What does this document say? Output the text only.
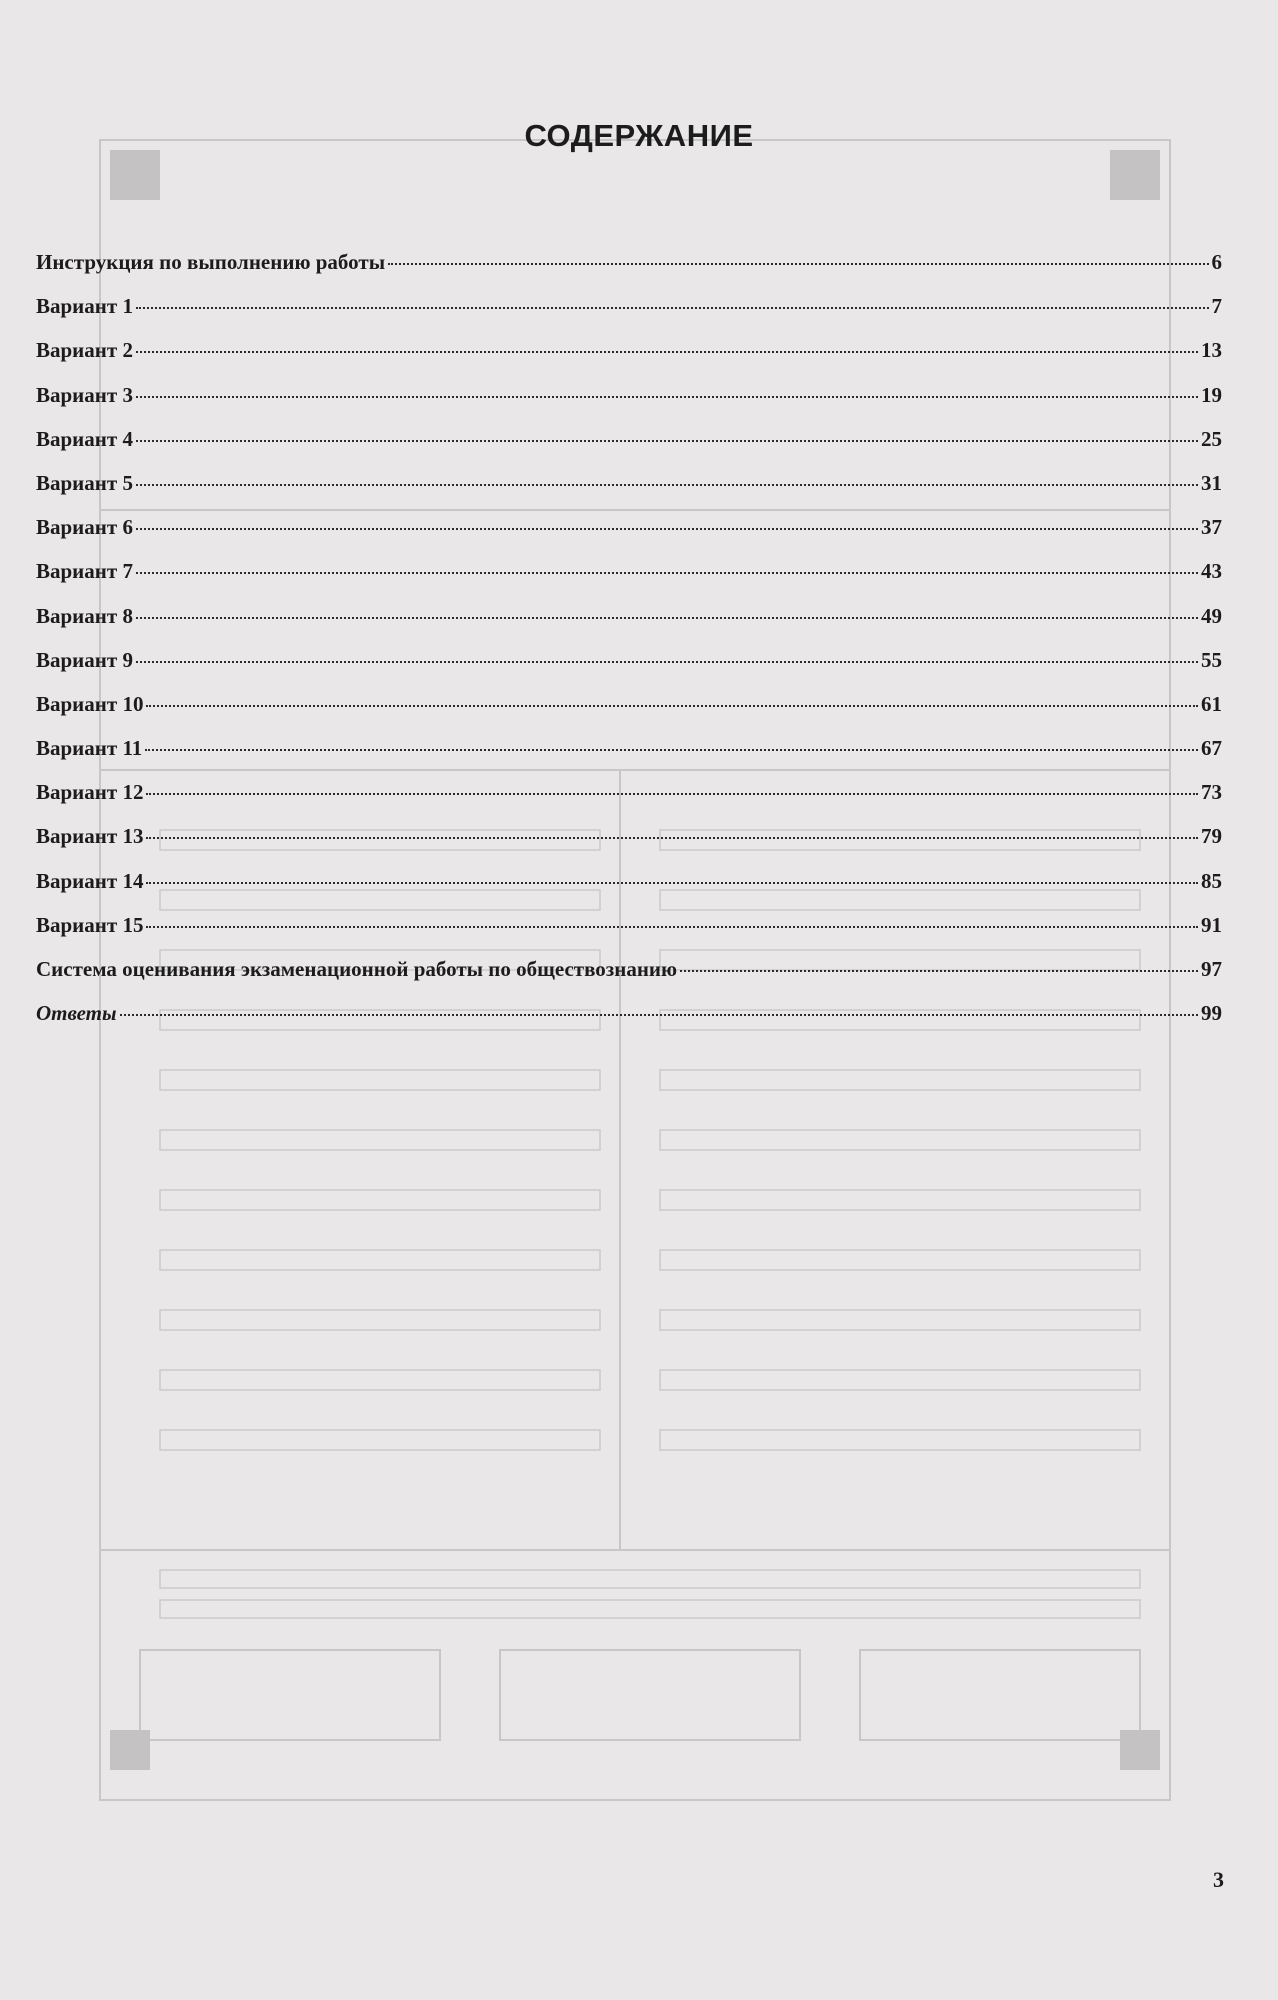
СОДЕРЖАНИЕ
Инструкция по выполнению работы	6
Вариант 1	7
Вариант 2	13
Вариант 3	19
Вариант 4	25
Вариант 5	31
Вариант 6	37
Вариант 7	43
Вариант 8	49
Вариант 9	55
Вариант 10	61
Вариант 11	67
Вариант 12	73
Вариант 13	79
Вариант 14	85
Вариант 15	91
Система оценивания экзаменационной работы по обществознанию	97
Ответы	99
3
